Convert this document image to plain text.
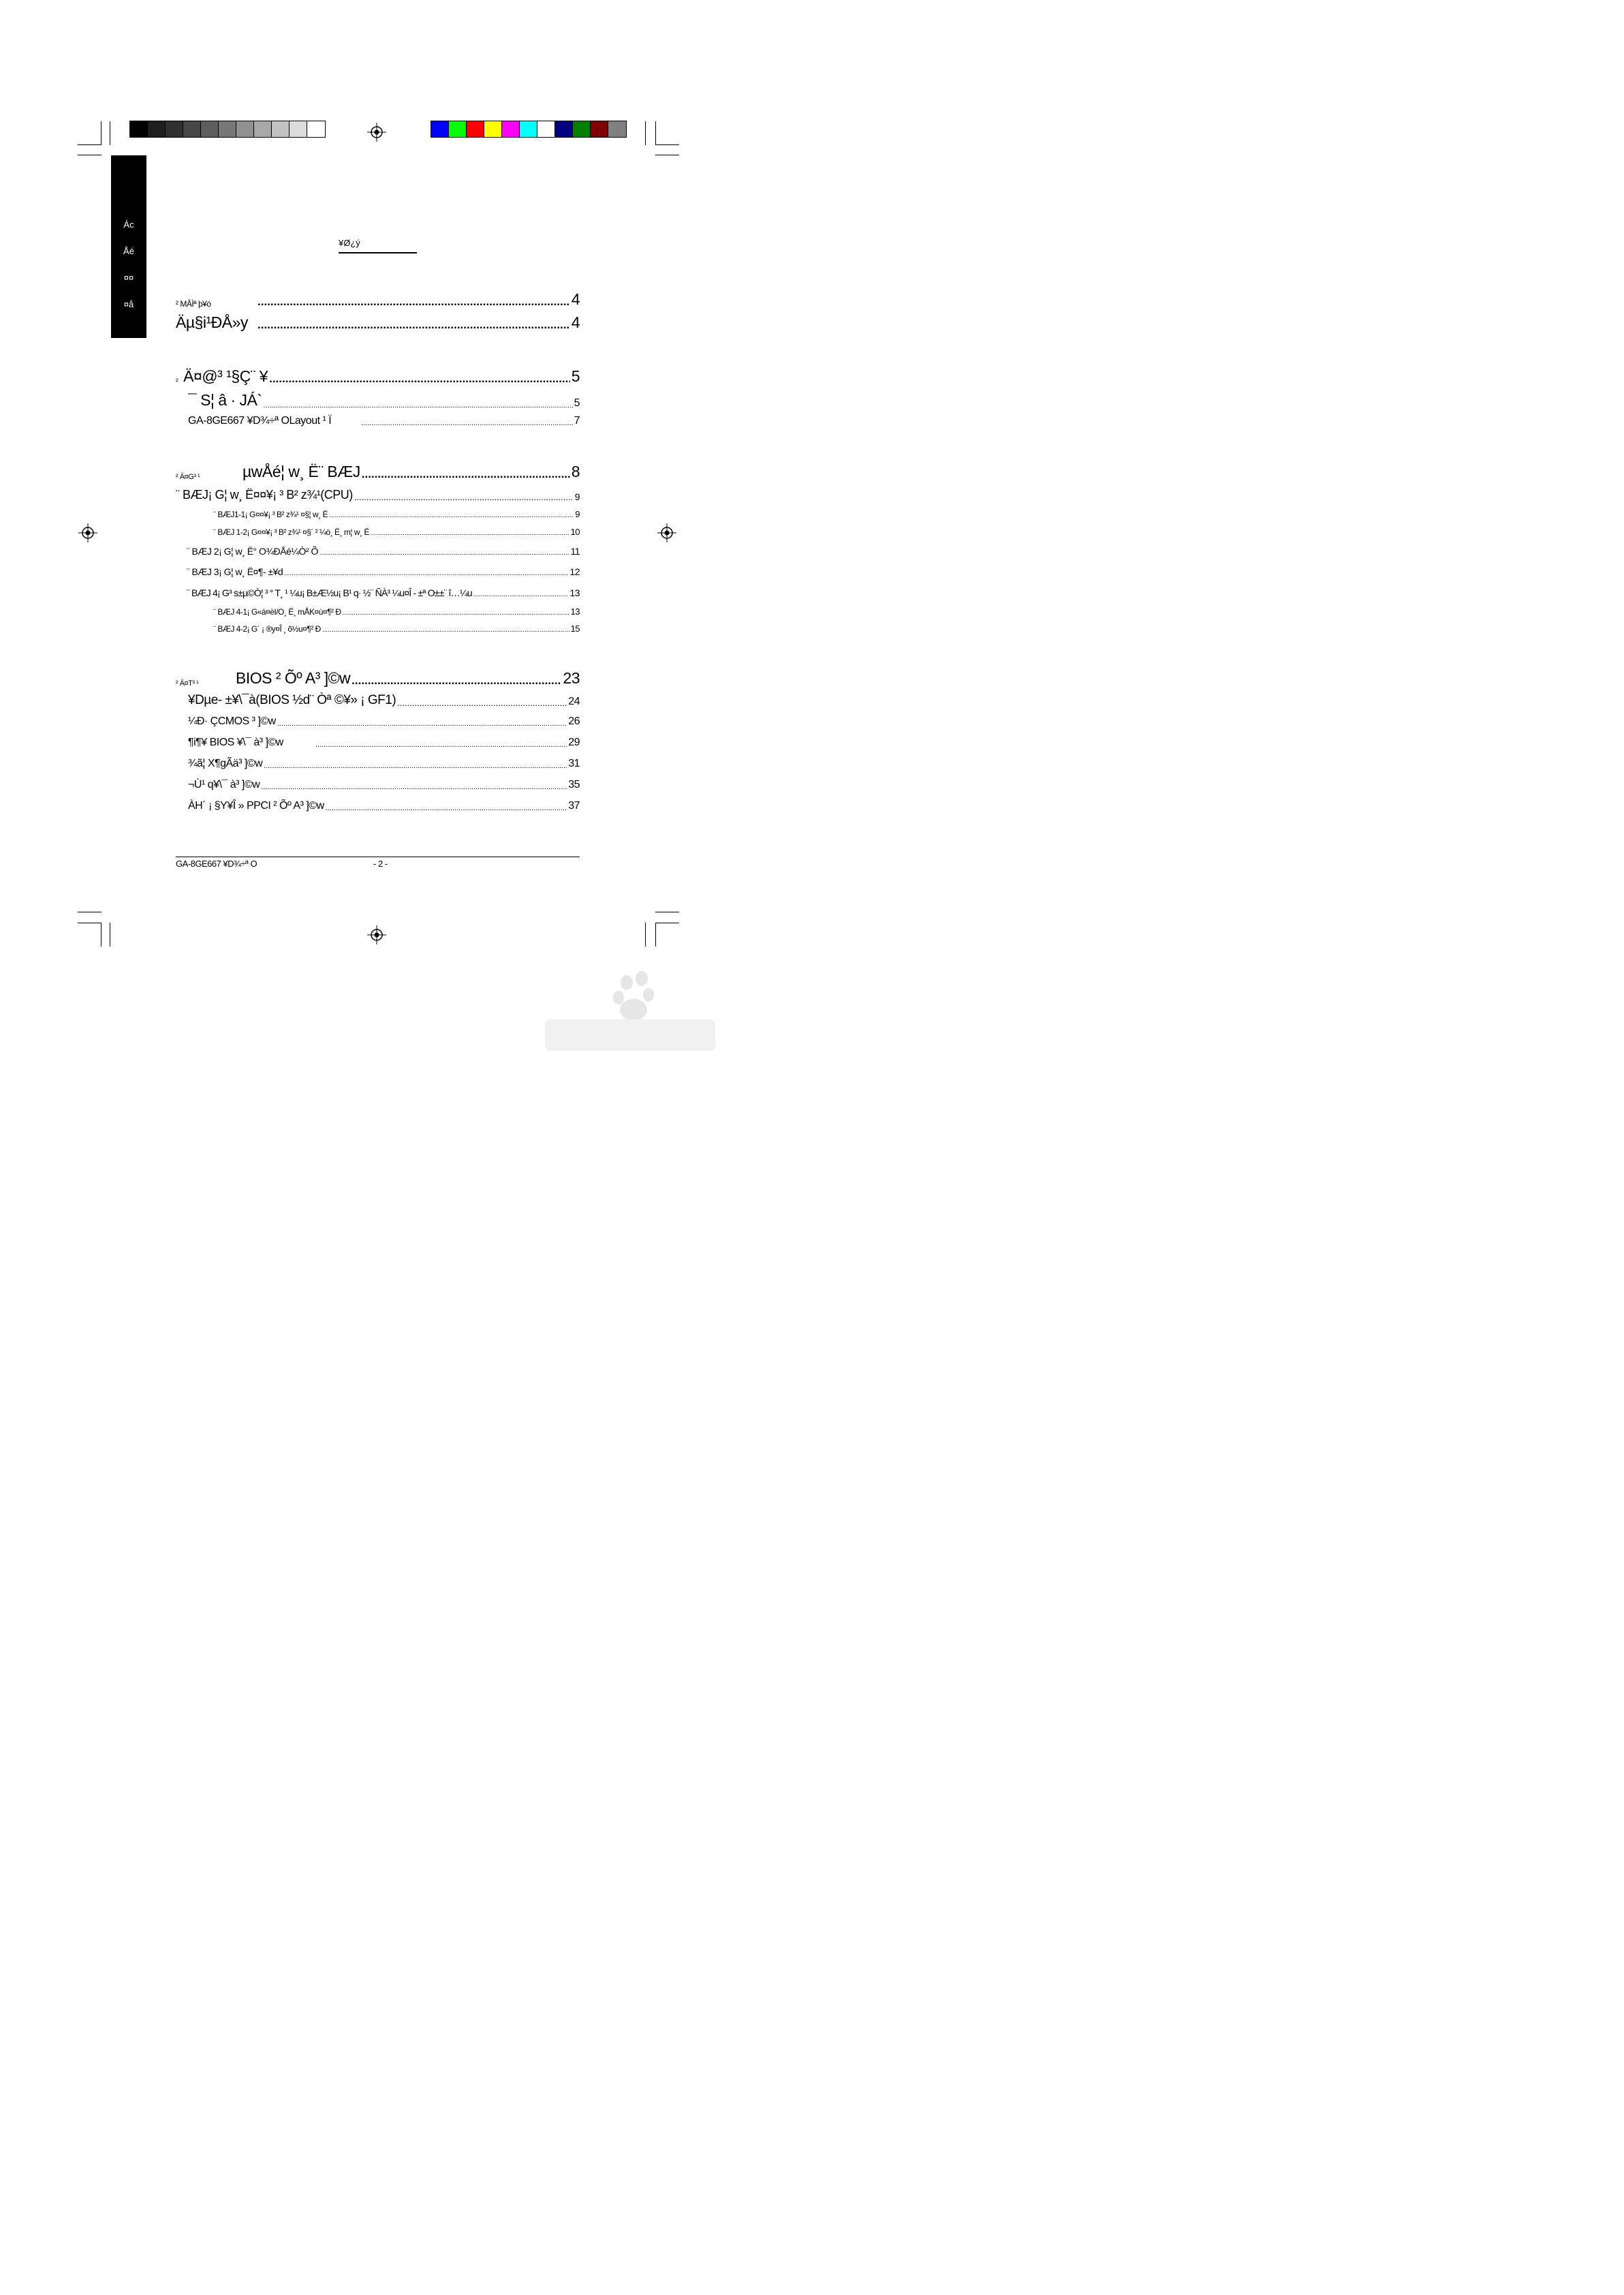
Ác
Åé
¤¤
¤å
¥Ø¿ý
² MÂÌª þ¥ó .....	4
Äµ§i¹ÐÅ»y .....	4
² Ä¤@³ ¹§Ç¨ ¥ .....	5
¯ S¦ â · JÁ` .....	5
GA-8GE667 ¥D¾÷ª OLayout ¹ Ï .....	7
² Ä¤G³ ¹	µwÅé¦ w¸ Ë¨ BÆJ .....	8
¨ BÆJ¡ G¦ w¸ Ë¤¤¥¡ ³ B² z¾¹(CPU) .....	9
¨ BÆJ1-1¡ G¤¤¥¡ ³ B² z¾¹ ¤§¦ w¸ Ë .....	9
¨ BÆJ 1-2¡ G¤¤¥¡ ³ B² z¾¹ ¤§´ ² ¼ö¸ Ë¸ m¦ w¸ Ë .....	10
¨ BÆJ 2¡ G¦ w¸ Ë° O¾ÐÅé¼Ò² Õ .....	11
¨ BÆJ 3¡ G¦ w¸ Ë¤¶- ±¥d .....	12
¨ BÆJ 4¡ G³ s±µ©Ò¦ ³ ° T¸ ¹ ¼u¡ B±Æ½u¡ B¹ q· ½¨ ÑÀ³ ¼u¤Î - ±ª O±±¨ î…¼u .....	13
¨ BÆJ 4-1¡ G«á¤èI/O¸ Ë¸ mÅK¤ù¤¶² Ð .....	13
¨ BÆJ 4-2¡ G´ ¡ ®y¤Î ¸ õ½u¤¶² Ð .....	15
² Ä¤T³ ¹	BIOS ² Õº A³ ]©w .....	23
¥Dµe- ±¥\¯à(BIOS ½d¨ Òª ©¥» ¡ GF1) .....	24
¼Ð· ÇCMOS ³ ]©w .....	26
¶i¶¥ BIOS ¥\¯ à³ ]©w .....	29
¾ã¦ X¶gÃä³ ]©w .....	31
¬Ù¹ q¥\¯ à³ ]©w .....	35
ÀH´ ¡ §Y¥Î » PPCI ² Õº A³ ]©w .....	37
GA-8GE667 ¥D¾÷ª O	- 2 -
